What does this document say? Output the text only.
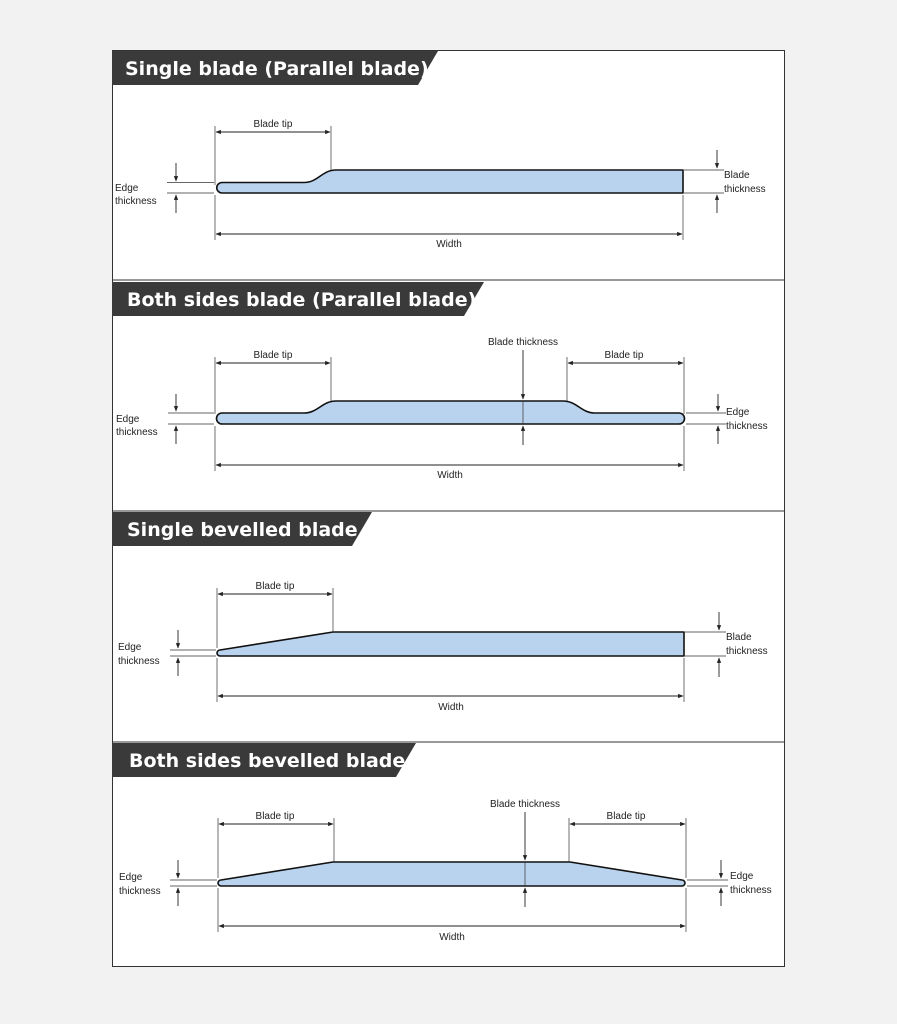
Single blade (Parallel blade)
Blade tip
Edge
thickness
Blade
thickness
Width
Both sides blade (Parallel blade)
Blade tip	Blade tip
Blade thickness
Edge
thickness
Edge
thickness
Width
Single bevelled blade
Blade tip
Edge
thickness
Blade
thickness
Width
Both sides bevelled blade
Blade tip	Blade tip
Blade thickness
Edge
thickness
Edge
thickness
Width
